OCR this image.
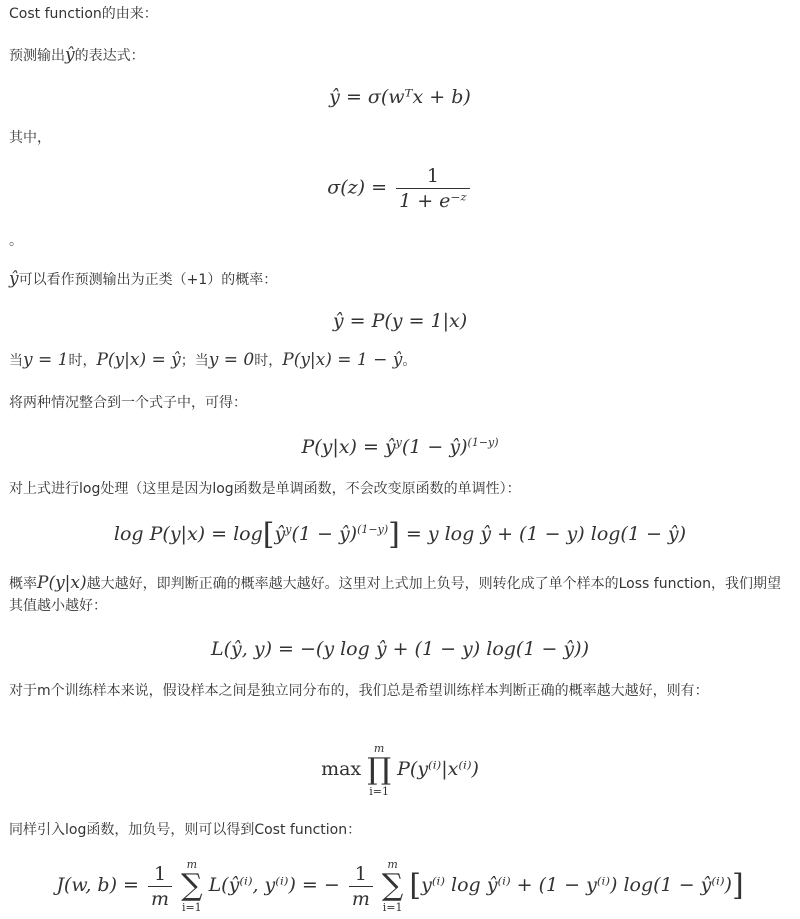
Cost function的由来：
预测输出ŷ的表达式：
ŷ = σ(wᵀx + b)
其中，
$\sigma(z) = \frac{1}{\text{1 + e⁻ᶻ}}$
。
ŷ可以看作预测输出为正类（+1）的概率：
ŷ = P(y = 1|x)
当y = 1时，P(y|x) = ŷ；当y = 0时，P(y|x) = 1 − ŷ。
将两种情况整合到一个式子中，可得：
$P(y|x) = ŷ^y(1$ − ŷ)$^{(1-y)}$
对上式进行log处理（这里是因为log函数是单调函数，不会改变原函数的单调性）：
$\log P(y|x) = \log[ŷ^y(1$ − ŷ)$^{(1-y)}$] = y log ŷ + (1 − y) log(1 − ŷ)
概率P(y|x)越大越好，即判断正确的概率越大越好。这里对上式加上负号，则转化成了单个样本的Loss function，我们期望其值越小越好：
L(ŷ, y) = −(y log ŷ + (1 − y) log(1 − ŷ))
对于m个训练样本来说，假设样本之间是独立同分布的，我们总是希望训练样本判断正确的概率越大越好，则有：
max
m
∏
i=1
P(y⁽ⁱ⁾|x⁽ⁱ⁾)
同样引入log函数，加负号，则可以得到Cost function：
J(w, $b) = \frac{1}{m}$
	m
∑
i=1
L(ŷ⁽ⁱ⁾, y⁽ⁱ⁾) = − $\frac{1}{m}$
	m
∑
i=1
[y⁽ⁱ⁾ log ŷ⁽ⁱ⁾ + (1 − y⁽ⁱ⁾) log(1 − ŷ⁽ⁱ⁾)]
